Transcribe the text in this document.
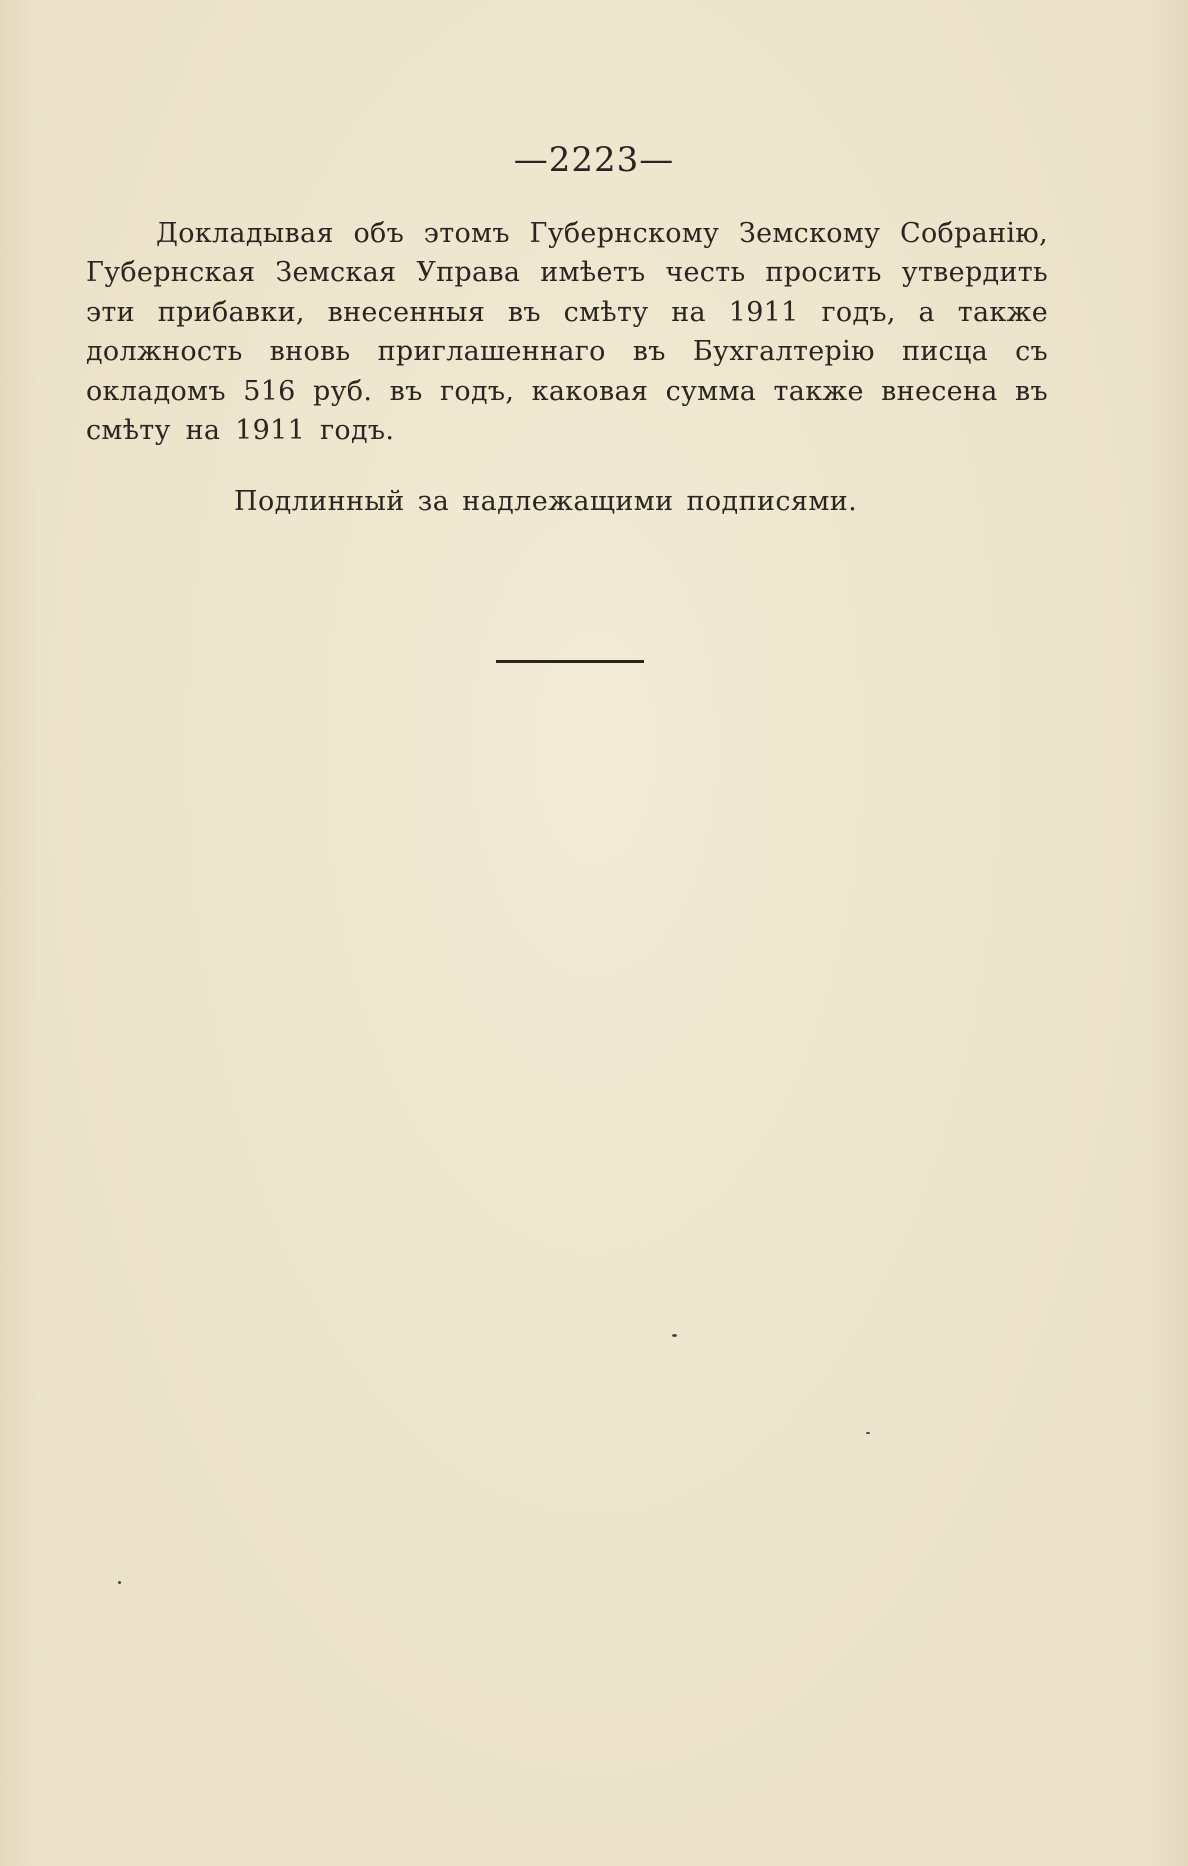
—2223—

Докладывая объ этомъ Губернскому Земскому Собранію, Губернская Земская Управа имѣетъ честь просить утвердить эти прибавки, внесенныя въ смѣту на 1911 годъ, а также должность вновь приглашеннаго въ Бухгалтерію писца съ окладомъ 516 руб. въ годъ, каковая сумма также внесена въ смѣту на 1911 годъ.

Подлинный за надлежащими подписями.
